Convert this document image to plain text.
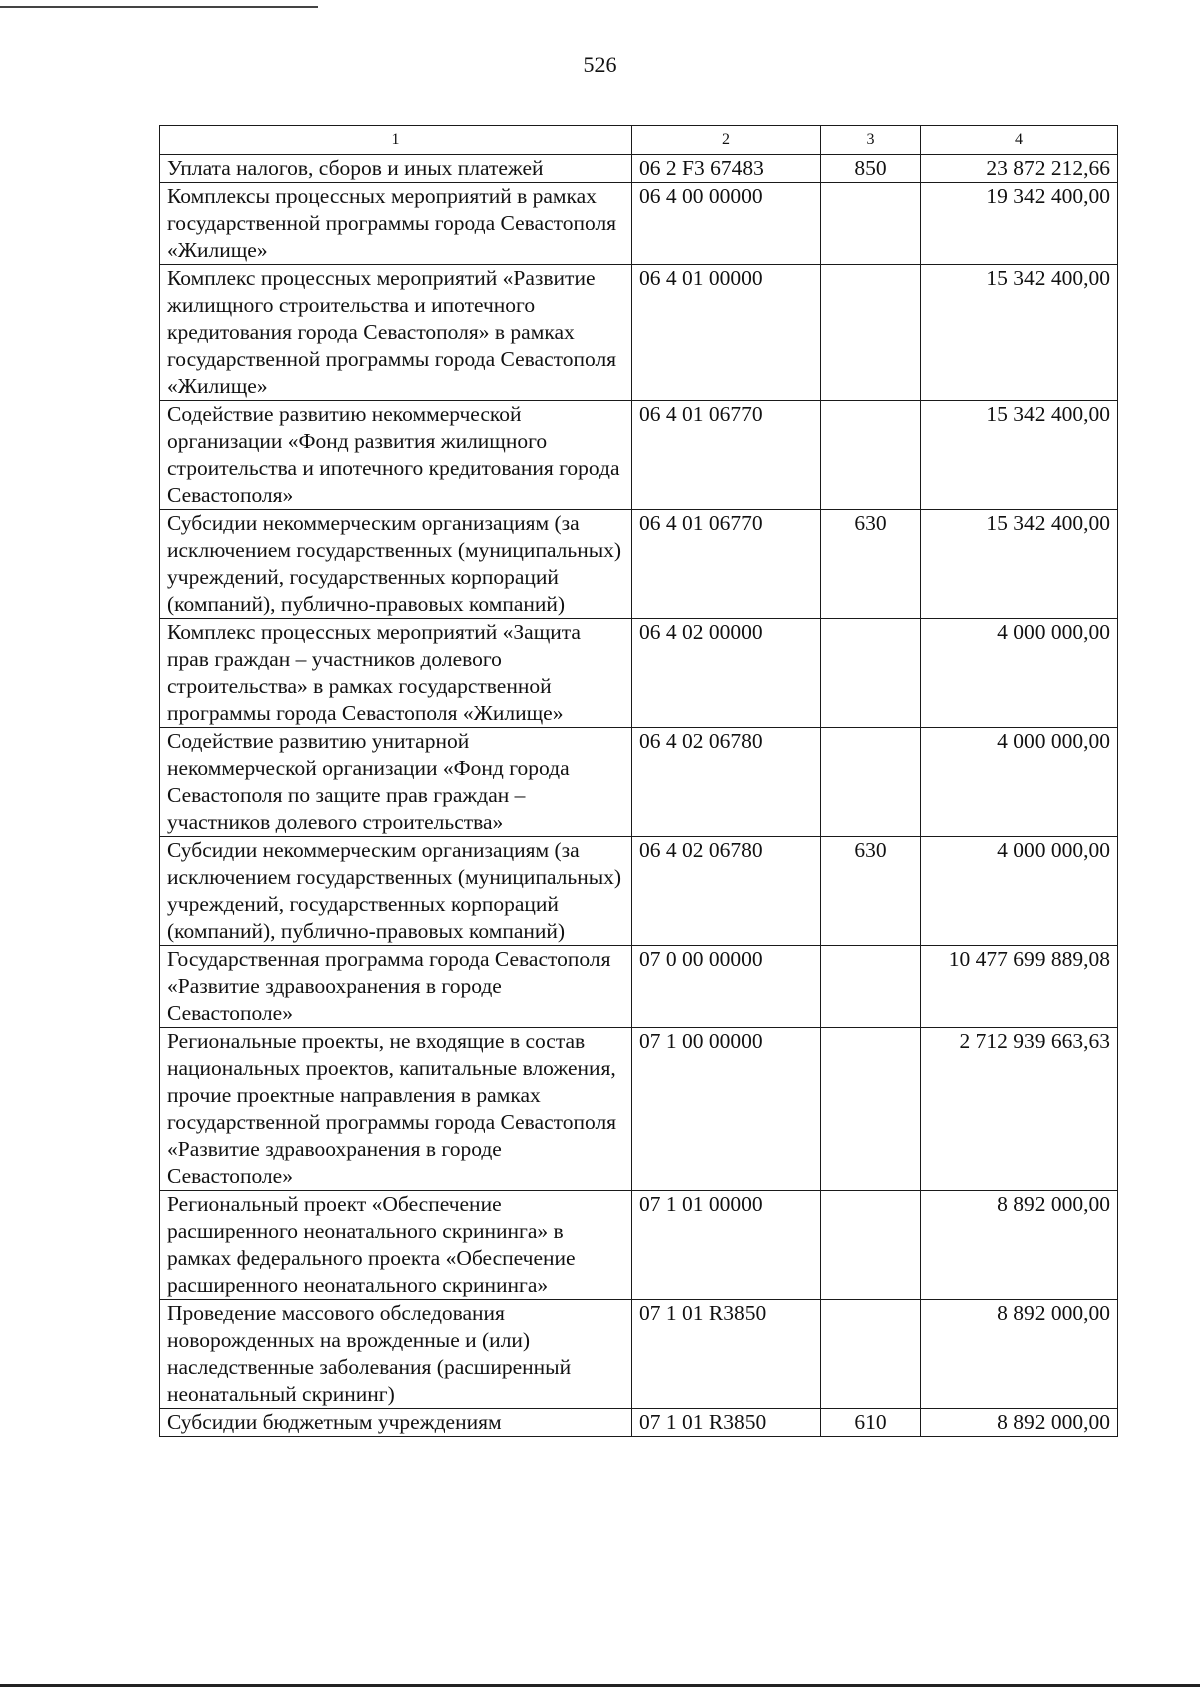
526
1	2	3	4
Уплата налогов, сборов и иных платежей	06 2 F3 67483	850	23 872 212,66
Комплексы процессных мероприятий в рамках государственной программы города Севастополя «Жилище»	06 4 00 00000		19 342 400,00
Комплекс процессных мероприятий «Развитие жилищного строительства и ипотечного кредитования города Севастополя» в рамках государственной программы города Севастополя «Жилище»	06 4 01 00000		15 342 400,00
Содействие развитию некоммерческой организации «Фонд развития жилищного строительства и ипотечного кредитования города Севастополя»	06 4 01 06770		15 342 400,00
Субсидии некоммерческим организациям (за исключением государственных (муниципальных) учреждений, государственных корпораций (компаний), публично-правовых компаний)	06 4 01 06770	630	15 342 400,00
Комплекс процессных мероприятий «Защита прав граждан – участников долевого строительства» в рамках государственной программы города Севастополя «Жилище»	06 4 02 00000		4 000 000,00
Содействие развитию унитарной некоммерческой организации «Фонд города Севастополя по защите прав граждан – участников долевого строительства»	06 4 02 06780		4 000 000,00
Субсидии некоммерческим организациям (за исключением государственных (муниципальных) учреждений, государственных корпораций (компаний), публично-правовых компаний)	06 4 02 06780	630	4 000 000,00
Государственная программа города Севастополя «Развитие здравоохранения в городе Севастополе»	07 0 00 00000		10 477 699 889,08
Региональные проекты, не входящие в состав национальных проектов, капитальные вложения, прочие проектные направления в рамках государственной программы города Севастополя «Развитие здравоохранения в городе Севастополе»	07 1 00 00000		2 712 939 663,63
Региональный проект «Обеспечение расширенного неонатального скрининга» в рамках федерального проекта «Обеспечение расширенного неонатального скрининга»	07 1 01 00000		8 892 000,00
Проведение массового обследования новорожденных на врожденные и (или) наследственные заболевания (расширенный неонатальный скрининг)	07 1 01 R3850		8 892 000,00
Субсидии бюджетным учреждениям	07 1 01 R3850	610	8 892 000,00
